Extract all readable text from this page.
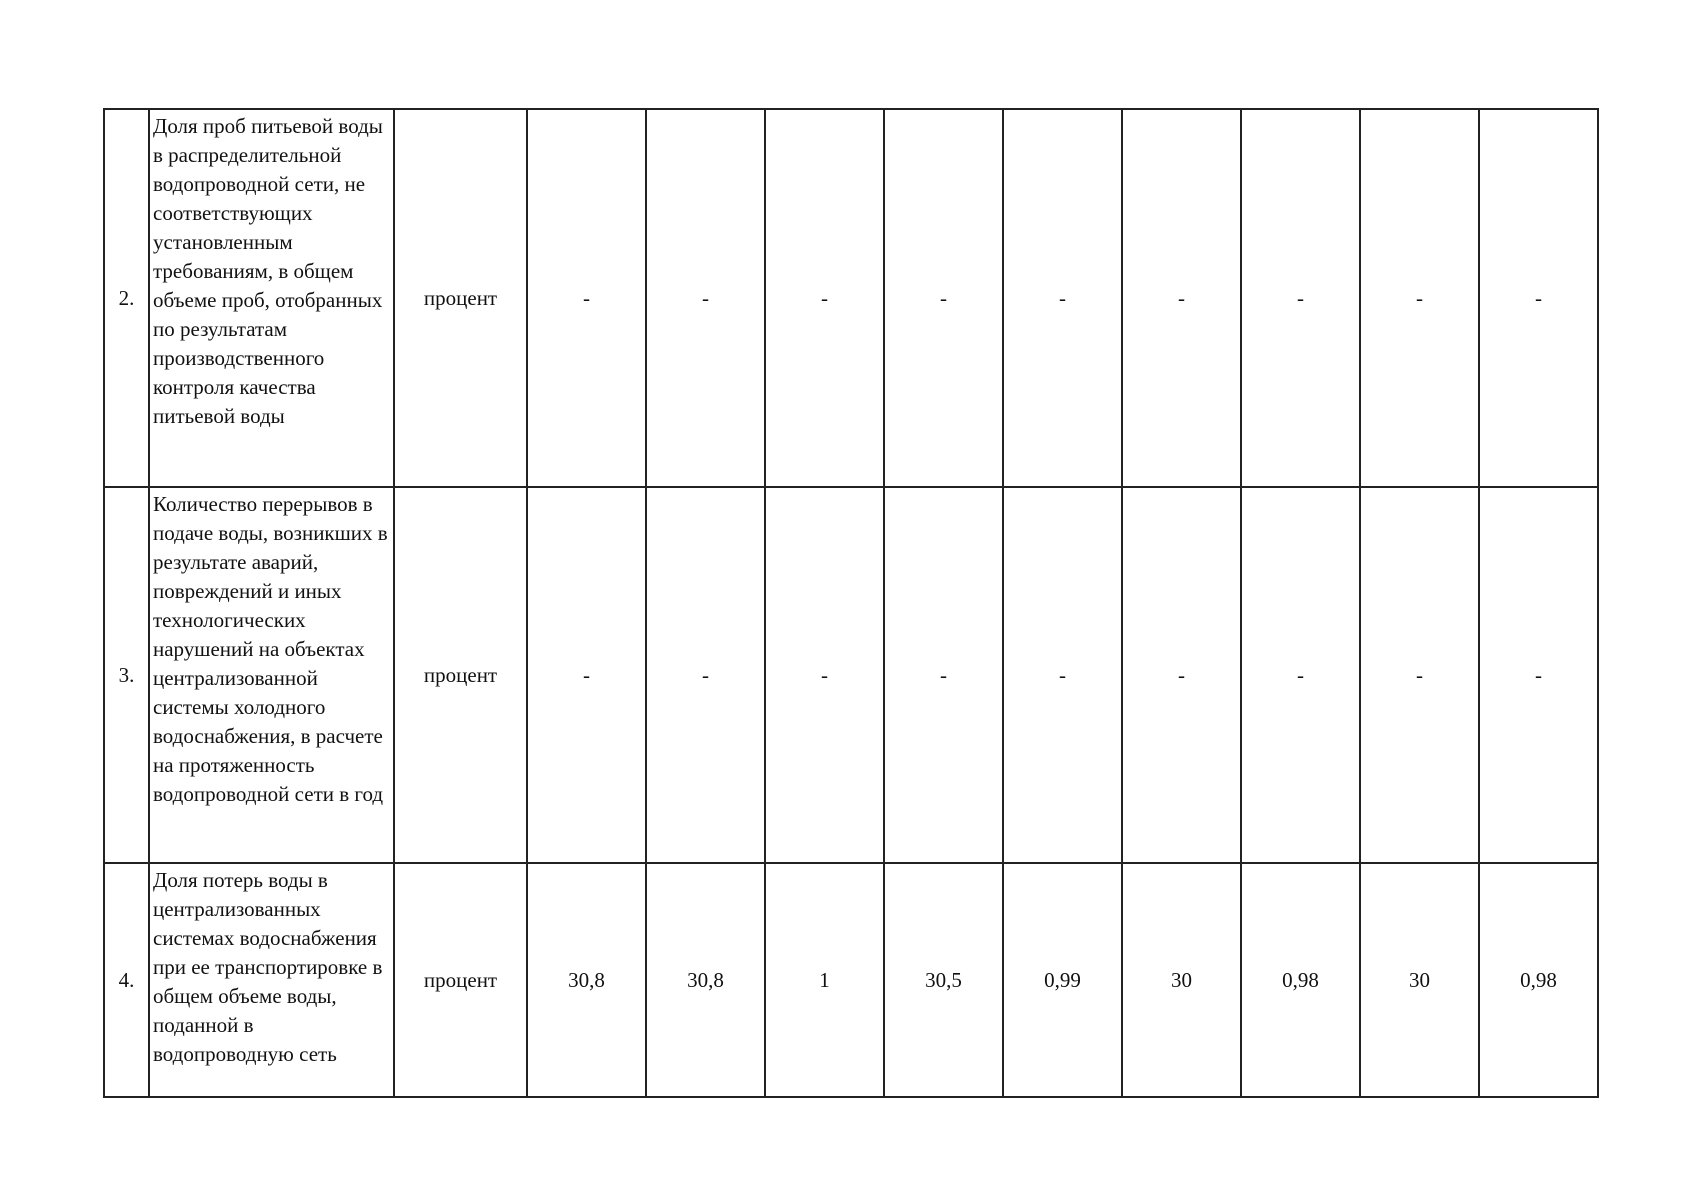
2.	Доля проб питьевой воды в распределительной водопроводной сети, не соответствующих установленным требованиям, в общем объеме проб, отобранных по результатам производственного контроля качества питьевой воды	процент	-	-	-	-	-	-	-	-	-
3.	Количество перерывов в подаче воды, возникших в результате аварий, повреждений и иных технологических нарушений на объектах централизованной системы холодного водоснабжения, в расчете на протяженность водопроводной сети в год	процент	-	-	-	-	-	-	-	-	-
4.	Доля потерь воды в централизованных системах водоснабжения при ее транспортировке в общем объеме воды, поданной в водопроводную сеть	процент	30,8	30,8	1	30,5	0,99	30	0,98	30	0,98
